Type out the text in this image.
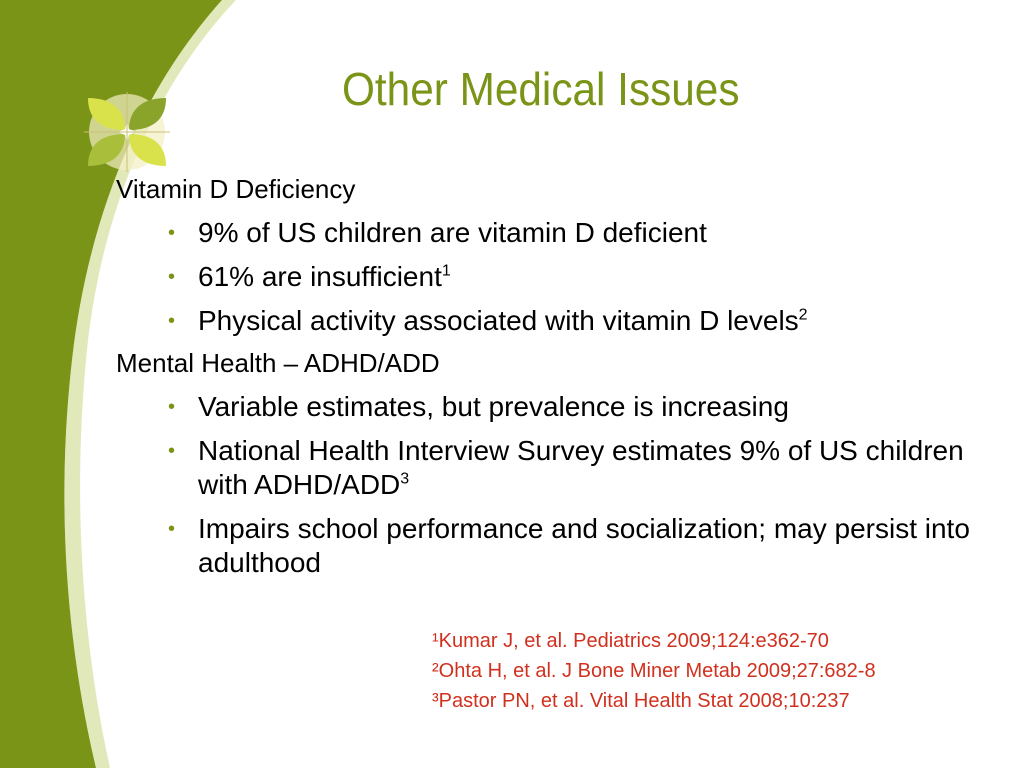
Other Medical Issues

Vitamin D Deficiency

• 9% of US children are vitamin D deficient
• 61% are insufficient$^1$
• Physical activity associated with vitamin D levels$^2$

Mental Health – ADHD/ADD

• Variable estimates, but prevalence is increasing
• National Health Interview Survey estimates 9% of US children with ADHD/ADD$^3$
• Impairs school performance and socialization; may persist into adulthood
¹Kumar J, et al. Pediatrics 2009;124:e362-70
²Ohta H, et al. J Bone Miner Metab 2009;27:682-8
³Pastor PN, et al. Vital Health Stat 2008;10:237
